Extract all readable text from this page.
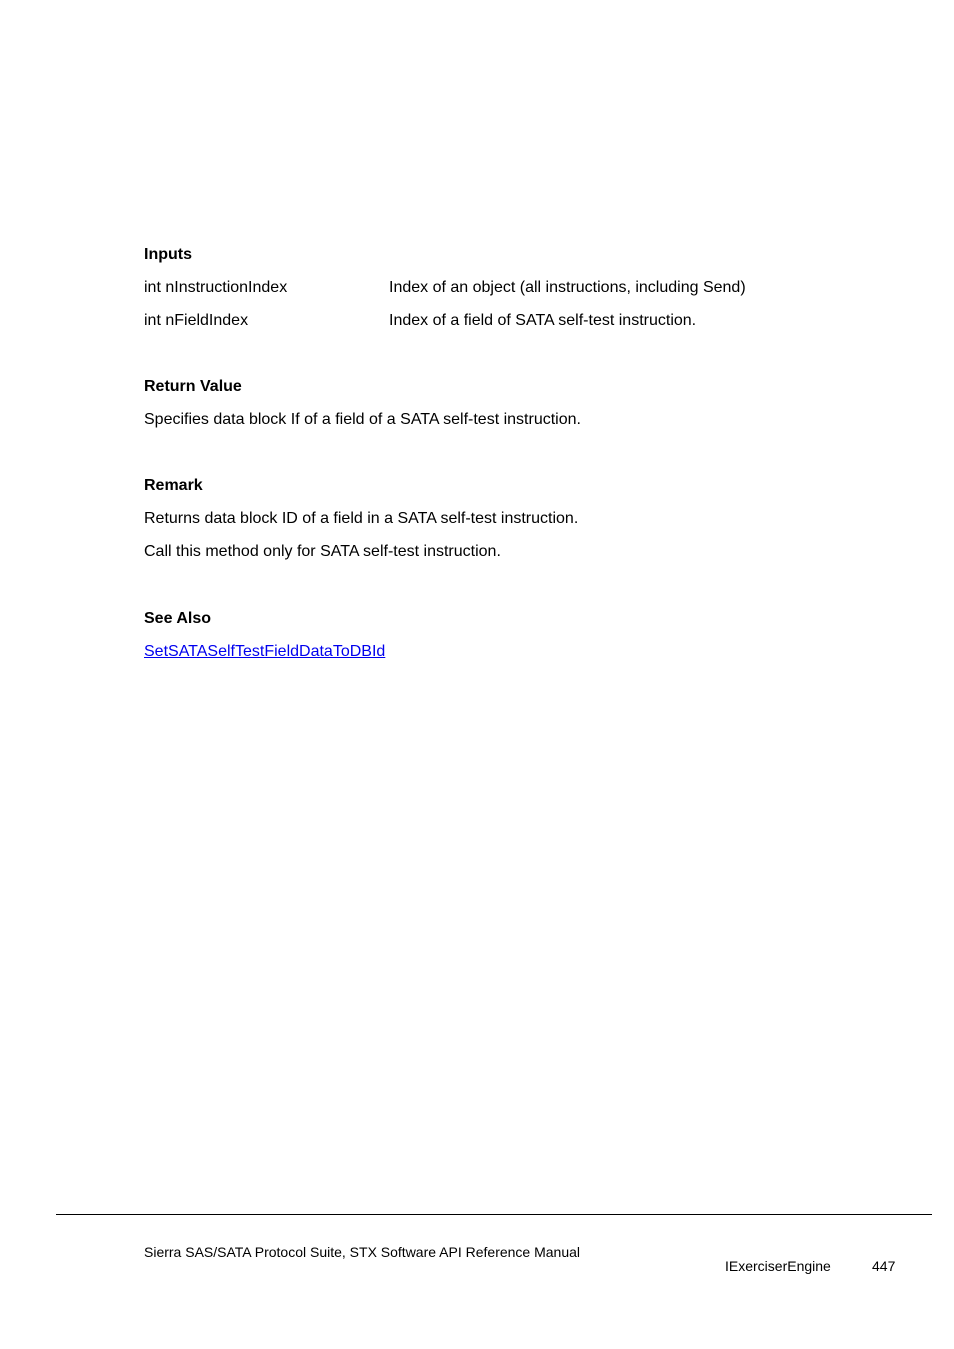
Inputs
int nInstructionIndex	Index of an object (all instructions, including Send)
int nFieldIndex	Index of a field of SATA self-test instruction.
Return Value
Specifies data block If of a field of a SATA self-test instruction.
Remark
Returns data block ID of a field in a SATA self-test instruction.
Call this method only for SATA self-test instruction.
See Also
SetSATASelfTestFieldDataToDBId
Sierra SAS/SATA Protocol Suite, STX Software API Reference Manual
IExerciserEngine	447
